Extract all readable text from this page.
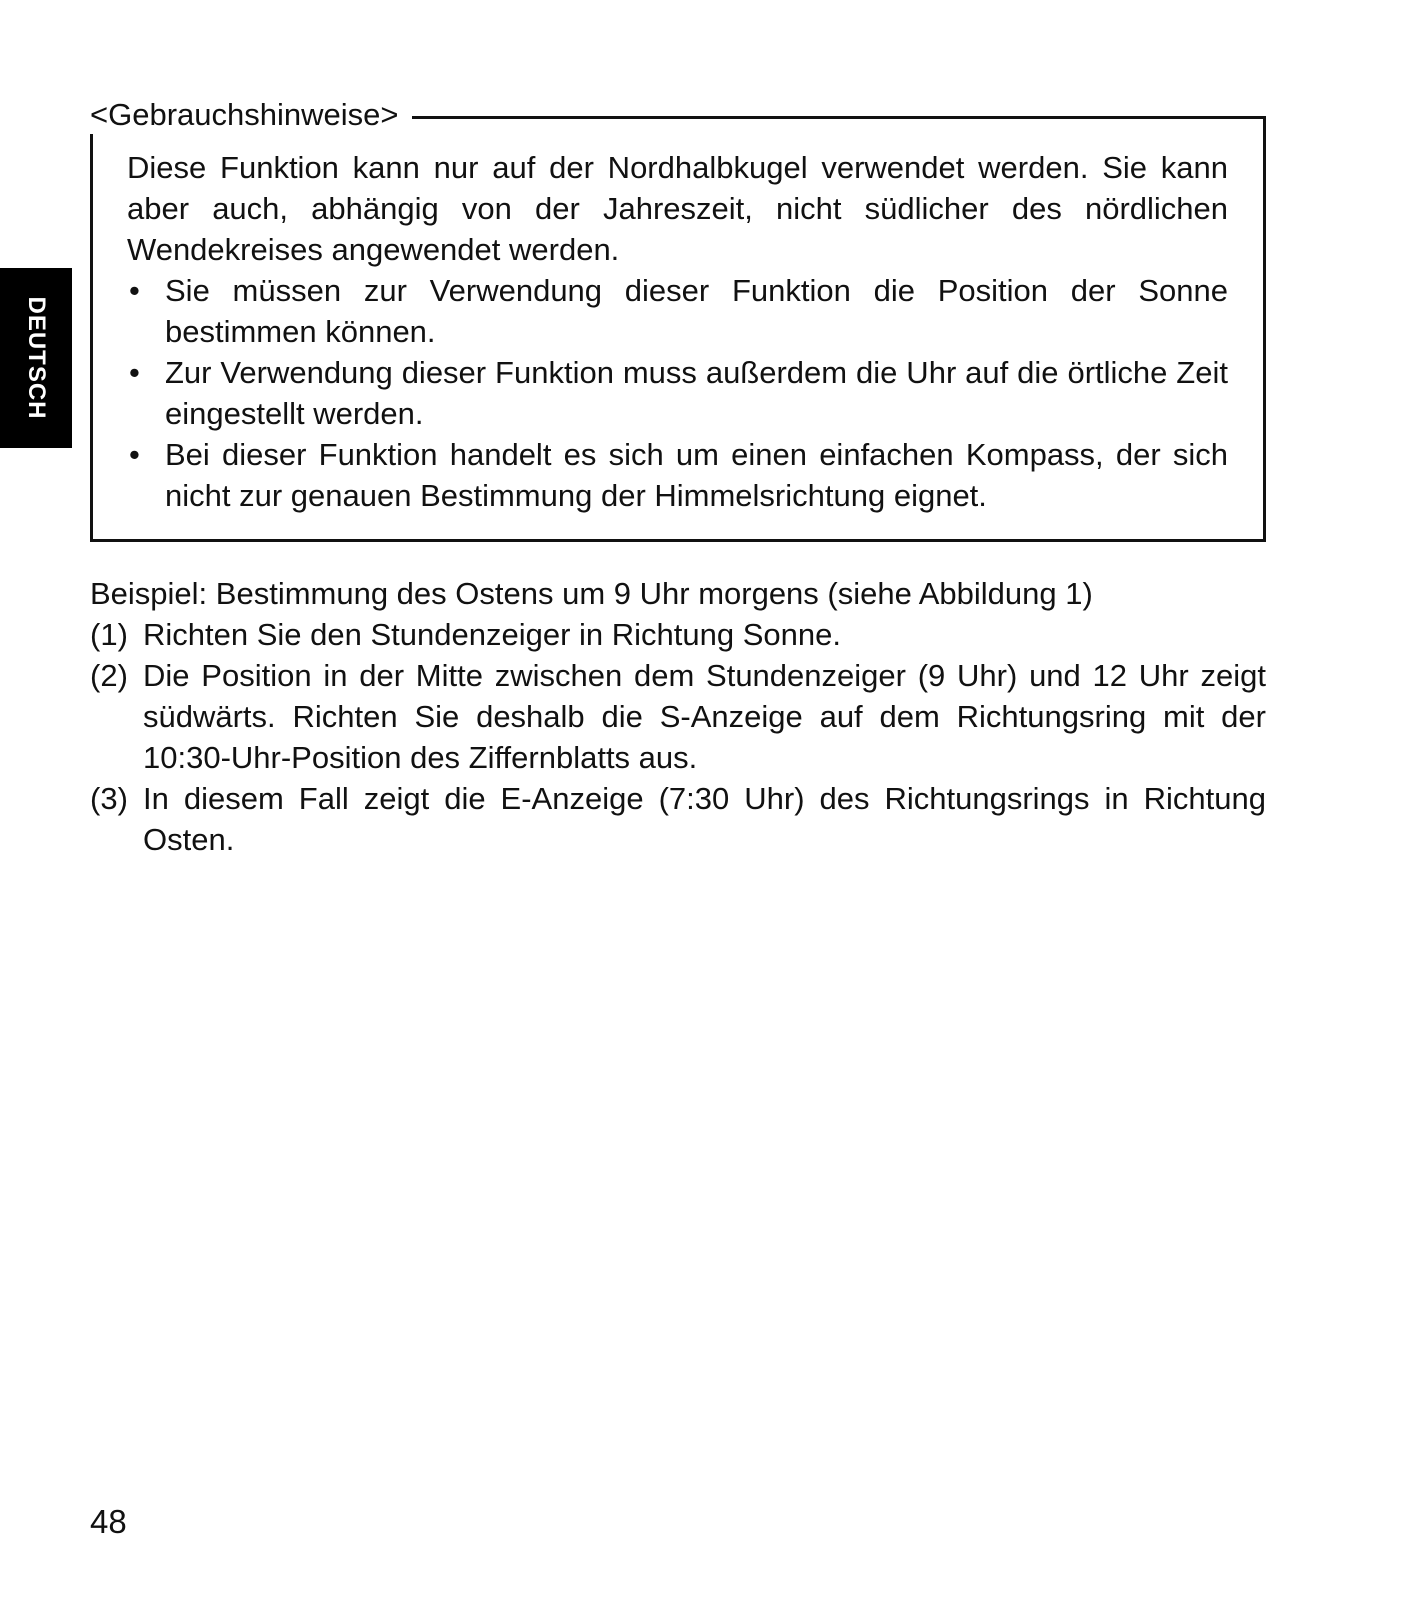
DEUTSCH
<Gebrauchshinweise>

Diese Funktion kann nur auf der Nordhalbkugel verwendet werden. Sie kann aber auch, abhängig von der Jahreszeit, nicht südlicher des nördlichen Wendekreises angewendet werden.

• Sie müssen zur Verwendung dieser Funktion die Position der Sonne bestimmen können.
• Zur Verwendung dieser Funktion muss außerdem die Uhr auf die örtliche Zeit eingestellt werden.
• Bei dieser Funktion handelt es sich um einen einfachen Kompass, der sich nicht zur genauen Bestimmung der Himmelsrichtung eignet.

Beispiel: Bestimmung des Ostens um 9 Uhr morgens (siehe Abbildung 1)

(1) Richten Sie den Stundenzeiger in Richtung Sonne.
(2) Die Position in der Mitte zwischen dem Stundenzeiger (9 Uhr) und 12 Uhr zeigt südwärts. Richten Sie deshalb die S-Anzeige auf dem Richtungsring mit der 10:30-Uhr-Position des Ziffernblatts aus.
(3) In diesem Fall zeigt die E-Anzeige (7:30 Uhr) des Richtungsrings in Richtung Osten.
48
